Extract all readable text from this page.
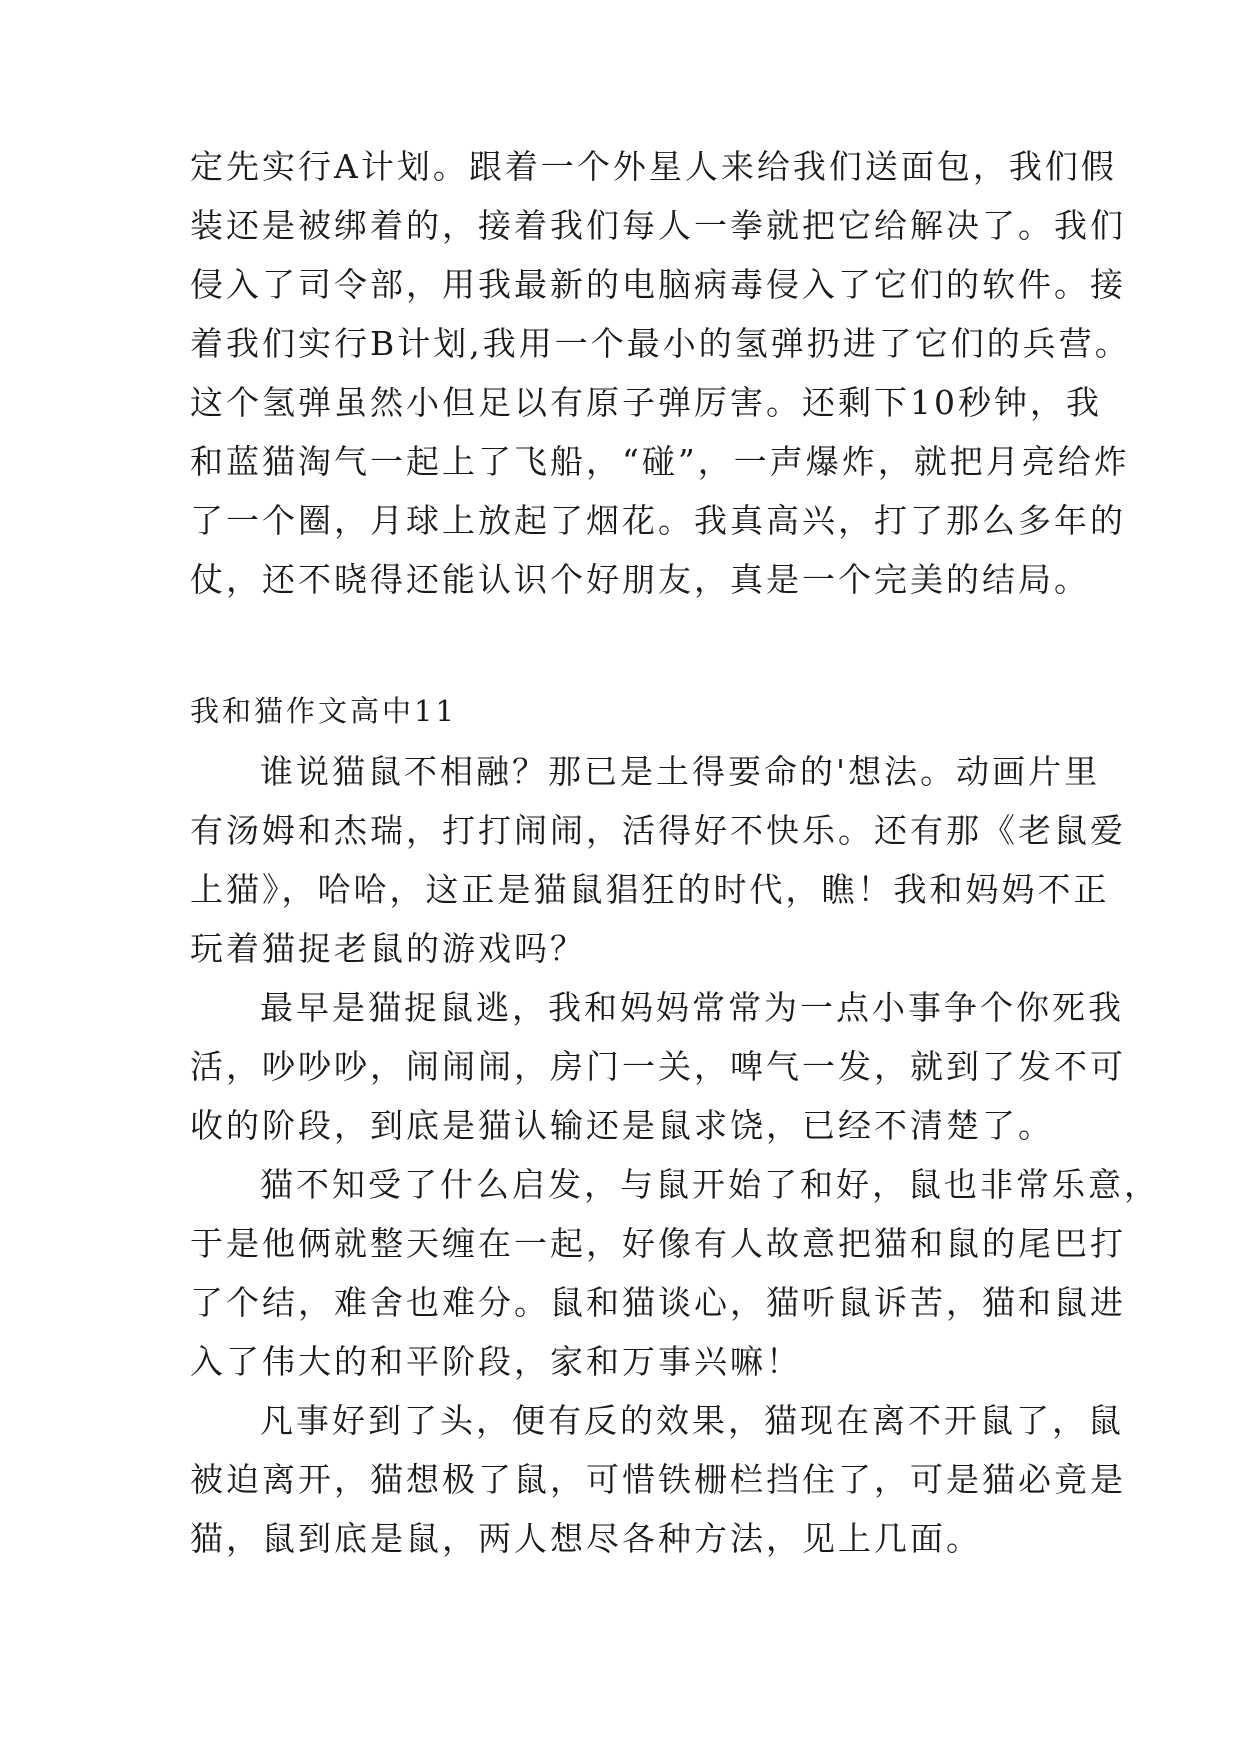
定先实行A计划。跟着一个外星人来给我们送面包，我们假
装还是被绑着的，接着我们每人一拳就把它给解决了。我们
侵入了司令部，用我最新的电脑病毒侵入了它们的软件。接
着我们实行B计划,我用一个最小的氢弹扔进了它们的兵营。
这个氢弹虽然小但足以有原子弹厉害。还剩下10秒钟，我
和蓝猫淘气一起上了飞船，“碰”，一声爆炸，就把月亮给炸
了一个圈，月球上放起了烟花。我真高兴，打了那么多年的
仗，还不晓得还能认识个好朋友，真是一个完美的结局。
我和猫作文高中11
谁说猫鼠不相融？那已是土得要命的'想法。动画片里
有汤姆和杰瑞，打打闹闹，活得好不快乐。还有那《老鼠爱
上猫》，哈哈，这正是猫鼠猖狂的时代，瞧！我和妈妈不正
玩着猫捉老鼠的游戏吗？
最早是猫捉鼠逃，我和妈妈常常为一点小事争个你死我
活，吵吵吵，闹闹闹，房门一关，啤气一发，就到了发不可
收的阶段，到底是猫认输还是鼠求饶，已经不清楚了。
猫不知受了什么启发，与鼠开始了和好，鼠也非常乐意，
于是他俩就整天缠在一起，好像有人故意把猫和鼠的尾巴打
了个结，难舍也难分。鼠和猫谈心，猫听鼠诉苦，猫和鼠进
入了伟大的和平阶段，家和万事兴嘛！
凡事好到了头，便有反的效果，猫现在离不开鼠了，鼠
被迫离开，猫想极了鼠，可惜铁栅栏挡住了，可是猫必竟是
猫，鼠到底是鼠，两人想尽各种方法，见上几面。
